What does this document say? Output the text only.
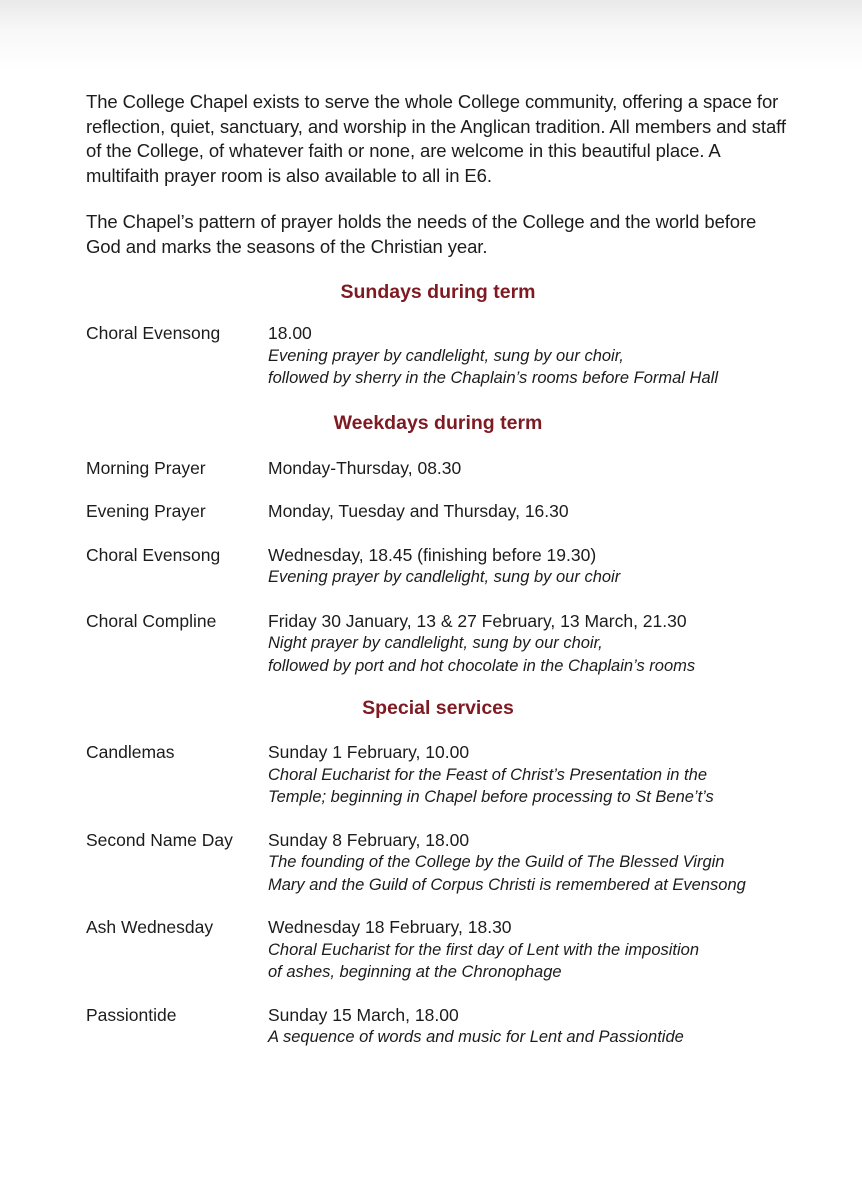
The College Chapel exists to serve the whole College community, offering a space for reflection, quiet, sanctuary, and worship in the Anglican tradition. All members and staff of the College, of whatever faith or none, are welcome in this beautiful place. A multifaith prayer room is also available to all in E6.

The Chapel’s pattern of prayer holds the needs of the College and the world before God and marks the seasons of the Christian year.

Sundays during term
Choral Evensong	18.00
Evening prayer by candlelight, sung by our choir,
followed by sherry in the Chaplain’s rooms before Formal Hall
Weekdays during term
Morning Prayer	Monday-Thursday, 08.30
Evening Prayer	Monday, Tuesday and Thursday, 16.30
Choral Evensong	Wednesday, 18.45 (finishing before 19.30)
Evening prayer by candlelight, sung by our choir
Choral Compline	Friday 30 January, 13 & 27 February, 13 March, 21.30
Night prayer by candlelight, sung by our choir,
followed by port and hot chocolate in the Chaplain’s rooms
Special services
Candlemas	Sunday 1 February, 10.00
Choral Eucharist for the Feast of Christ’s Presentation in the
Temple; beginning in Chapel before processing to St Bene’t’s
Second Name Day	Sunday 8 February, 18.00
The founding of the College by the Guild of The Blessed Virgin
Mary and the Guild of Corpus Christi is remembered at Evensong
Ash Wednesday	Wednesday 18 February, 18.30
Choral Eucharist for the first day of Lent with the imposition
of ashes, beginning at the Chronophage
Passiontide	Sunday 15 March, 18.00
A sequence of words and music for Lent and Passiontide
